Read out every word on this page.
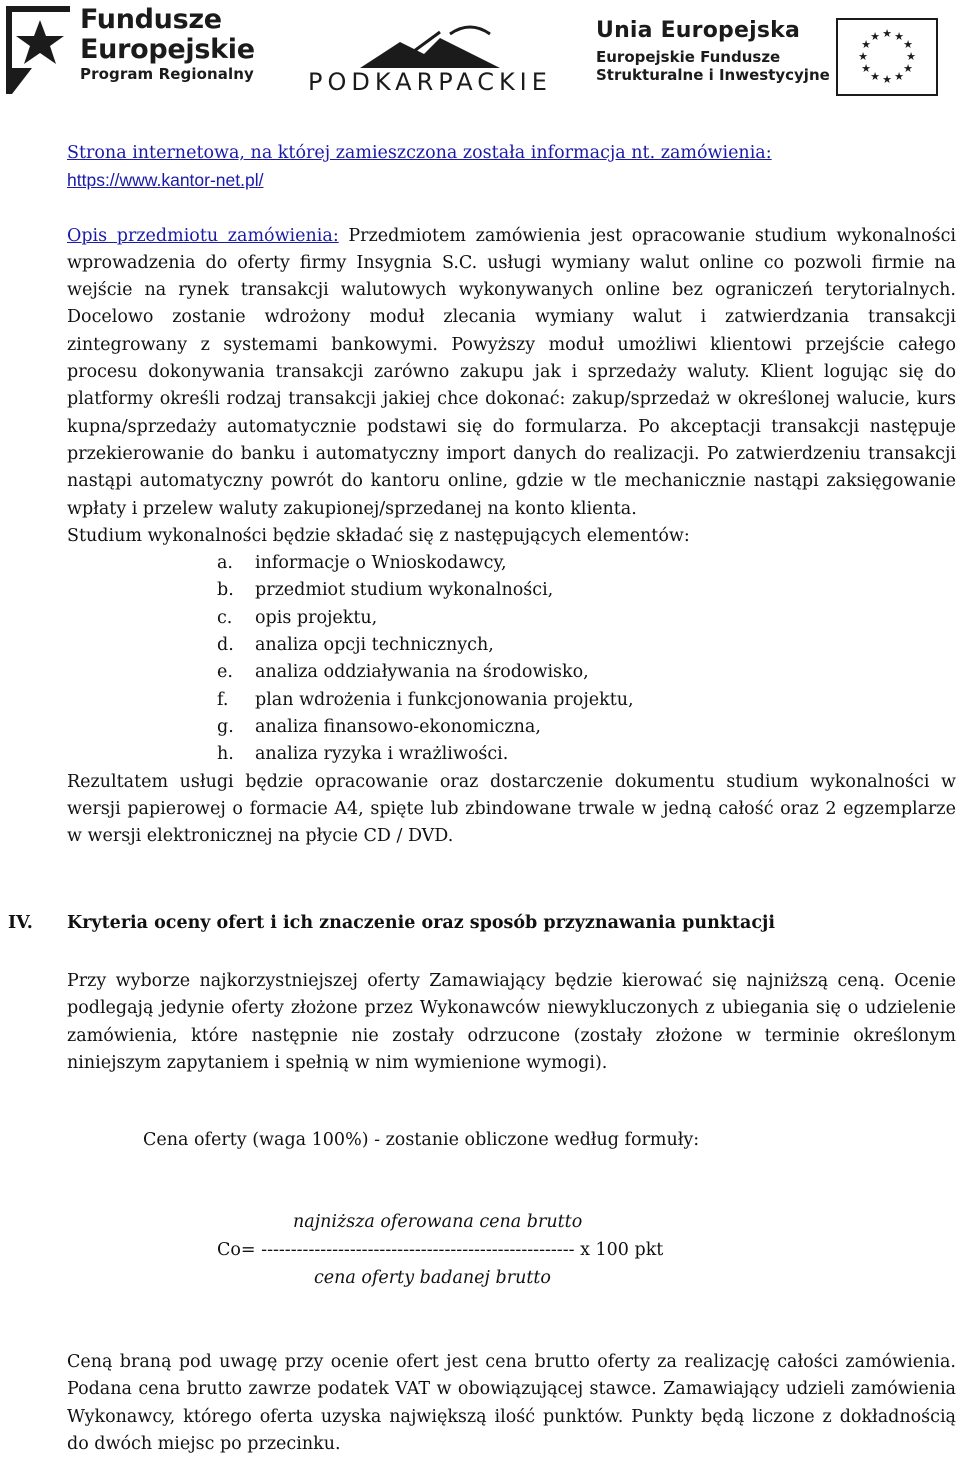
Fundusze
Europejskie
Program Regionalny PODKARPACKIE
Unia Europejska
Europejskie Fundusze
Strukturalne i Inwestycyjne
★ ★
★
★
★
★
★
★
★
★
★
★

Strona internetowa, na której zamieszczona została informacja nt. zamówienia:
https://www.kantor-net.pl/

Opis przedmiotu zamówienia: Przedmiotem zamówienia jest opracowanie studium wykonalności wprowadzenia do oferty firmy Insygnia S.C. usługi wymiany walut online co pozwoli firmie na wejście na rynek transakcji walutowych wykonywanych online bez ograniczeń terytorialnych. Docelowo zostanie wdrożony moduł zlecania wymiany walut i zatwierdzania transakcji zintegrowany z systemami bankowymi. Powyższy moduł umożliwi klientowi przejście całego procesu dokonywania transakcji zarówno zakupu jak i sprzedaży waluty. Klient logując się do platformy określi rodzaj transakcji jakiej chce dokonać: zakup/sprzedaż w określonej walucie, kurs kupna/sprzedaży automatycznie podstawi się do formularza. Po akceptacji transakcji następuje przekierowanie do banku i automatyczny import danych do realizacji. Po zatwierdzeniu transakcji nastąpi automatyczny powrót do kantoru online, gdzie w tle mechanicznie nastąpi zaksięgowanie wpłaty i przelew waluty zakupionej/sprzedanej na konto klienta.

Studium wykonalności będzie składać się z następujących elementów:

a.	informacje o Wnioskodawcy,
b.	przedmiot studium wykonalności,
c.	opis projektu,
d.	analiza opcji technicznych,
e.	analiza oddziaływania na środowisko,
f.	plan wdrożenia i funkcjonowania projektu,
g.	analiza finansowo-ekonomiczna,
h.	analiza ryzyka i wrażliwości.

Rezultatem usługi będzie opracowanie oraz dostarczenie dokumentu studium wykonalności w wersji papierowej o formacie A4, spięte lub zbindowane trwale w jedną całość oraz 2 egzemplarze w wersji elektronicznej na płycie CD / DVD.

IV. Kryteria oceny ofert i ich znaczenie oraz sposób przyznawania punktacji

Przy wyborze najkorzystniejszej oferty Zamawiający będzie kierować się najniższą ceną. Ocenie podlegają jedynie oferty złożone przez Wykonawców niewykluczonych z ubiegania się o udzielenie zamówienia, które następnie nie zostały odrzucone (zostały złożone w terminie określonym niniejszym zapytaniem i spełnią w nim wymienione wymogi).

Cena oferty (waga 100%) - zostanie obliczone według formuły:
najniższa oferowana cena brutto
Co= ----------------------------------------------------- x 100 pkt
cena oferty badanej brutto

Ceną braną pod uwagę przy ocenie ofert jest cena brutto oferty za realizację całości zamówienia. Podana cena brutto zawrze podatek VAT w obowiązującej stawce. Zamawiający udzieli zamówienia Wykonawcy, którego oferta uzyska największą ilość punktów. Punkty będą liczone z dokładnością do dwóch miejsc po przecinku.
